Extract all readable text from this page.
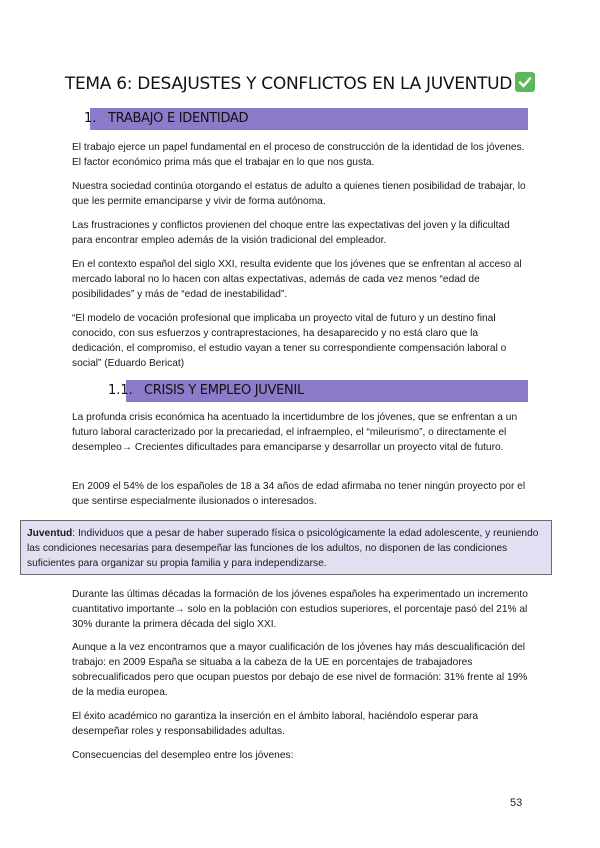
TEMA 6: DESAJUSTES Y CONFLICTOS EN LA JUVENTUD
1. TRABAJO E IDENTIDAD

El trabajo ejerce un papel fundamental en el proceso de construcción de la identidad de los jóvenes. El factor económico prima más que el trabajar en lo que nos gusta.

Nuestra sociedad continúa otorgando el estatus de adulto a quienes tienen posibilidad de trabajar, lo que les permite emanciparse y vivir de forma autónoma.

Las frustraciones y conflictos provienen del choque entre las expectativas del joven y la dificultad para encontrar empleo además de la visión tradicional del empleador.

En el contexto español del siglo XXI, resulta evidente que los jóvenes que se enfrentan al acceso al mercado laboral no lo hacen con altas expectativas, además de cada vez menos “edad de posibilidades” y más de “edad de inestabilidad”.

“El modelo de vocación profesional que implicaba un proyecto vital de futuro y un destino final conocido, con sus esfuerzos y contraprestaciones, ha desaparecido y no está claro que la dedicación, el compromiso, el estudio vayan a tener su correspondiente compensación laboral o social” (Eduardo Bericat)

1.1. CRISIS Y EMPLEO JUVENIL

La profunda crisis económica ha acentuado la incertidumbre de los jóvenes, que se enfrentan a un futuro laboral caracterizado por la precariedad, el infraempleo, el “mileurismo”, o directamente el desempleo→ Crecientes dificultades para emanciparse y desarrollar un proyecto vital de futuro.

En 2009 el 54% de los españoles de 18 a 34 años de edad afirmaba no tener ningún proyecto por el que sentirse especialmente ilusionados o interesados.

Juventud: Individuos que a pesar de haber superado física o psicológicamente la edad adolescente, y reuniendo las condiciones necesarias para desempeñar las funciones de los adultos, no disponen de las condiciones suficientes para organizar su propia familia y para independizarse.

Durante las últimas décadas la formación de los jóvenes españoles ha experimentado un incremento cuantitativo importante→ solo en la población con estudios superiores, el porcentaje pasó del 21% al 30% durante la primera década del siglo XXI.

Aunque a la vez encontramos que a mayor cualificación de los jóvenes hay más descualificación del trabajo: en 2009 España se situaba a la cabeza de la UE en porcentajes de trabajadores sobrecualificados pero que ocupan puestos por debajo de ese nivel de formación: 31% frente al 19% de la media europea.

El éxito académico no garantiza la inserción en el ámbito laboral, haciéndolo esperar para desempeñar roles y responsabilidades adultas.

Consecuencias del desempleo entre los jóvenes:

53
